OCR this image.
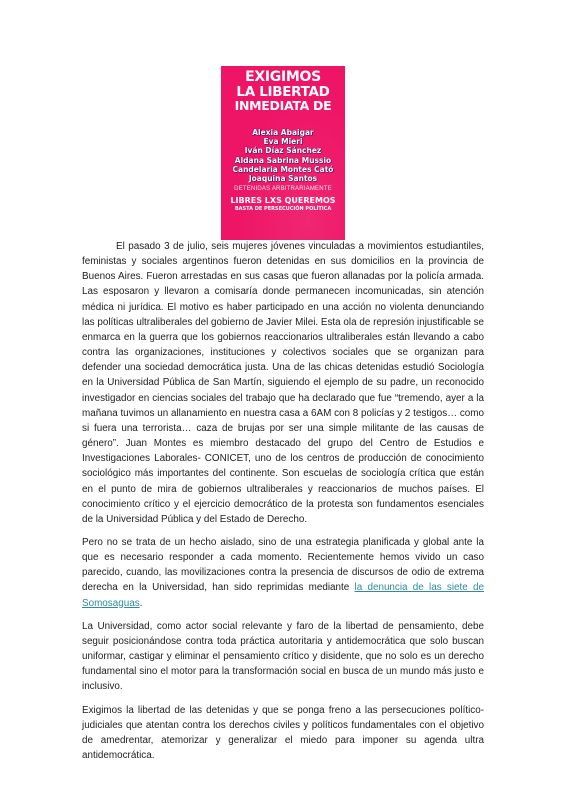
EXIGIMOS
LA LIBERTAD
INMEDIATA DE
Alexia Abaigar
Eva Mieri
Iván Díaz Sánchez
Aldana Sabrina Mussio
Candelaria Montes Cató
Joaquina Santos
DETENIDAS ARBITRARIAMENTE
LIBRES LXS QUEREMOS
BASTA DE PERSECUCIÓN POLÍTICA

El pasado 3 de julio, seis mujeres jóvenes vinculadas a movimientos estudiantiles, feministas y sociales argentinos fueron detenidas en sus domicilios en la provincia de Buenos Aires. Fueron arrestadas en sus casas que fueron allanadas por la policía armada. Las esposaron y llevaron a comisaría donde permanecen incomunicadas, sin atención médica ni jurídica. El motivo es haber participado en una acción no violenta denunciando las políticas ultraliberales del gobierno de Javier Milei. Esta ola de represión injustificable se enmarca en la guerra que los gobiernos reaccionarios ultraliberales están llevando a cabo contra las organizaciones, instituciones y colectivos sociales que se organizan para defender una sociedad democrática justa. Una de las chicas detenidas estudió Sociología en la Universidad Pública de San Martín, siguiendo el ejemplo de su padre, un reconocido investigador en ciencias sociales del trabajo que ha declarado que fue “tremendo, ayer a la mañana tuvimos un allanamiento en nuestra casa a 6AM con 8 policías y 2 testigos… como si fuera una terrorista… caza de brujas por ser una simple militante de las causas de género”. Juan Montes es miembro destacado del grupo del Centro de Estudios e Investigaciones Laborales- CONICET, uno de los centros de producción de conocimiento sociológico más importantes del continente. Son escuelas de sociología crítica que están en el punto de mira de gobiernos ultraliberales y reaccionarios de muchos países. El conocimiento crítico y el ejercicio democrático de la protesta son fundamentos esenciales de la Universidad Pública y del Estado de Derecho.

Pero no se trata de un hecho aislado, sino de una estrategia planificada y global ante la que es necesario responder a cada momento. Recientemente hemos vivido un caso parecido, cuando, las movilizaciones contra la presencia de discursos de odio de extrema derecha en la Universidad, han sido reprimidas mediante la denuncia de las siete de Somosaguas.

La Universidad, como actor social relevante y faro de la libertad de pensamiento, debe seguir posicionándose contra toda práctica autoritaria y antidemocrática que solo buscan uniformar, castigar y eliminar el pensamiento crítico y disidente, que no solo es un derecho fundamental sino el motor para la transformación social en busca de un mundo más justo e inclusivo.

Exigimos la libertad de las detenidas y que se ponga freno a las persecuciones político-judiciales que atentan contra los derechos civiles y políticos fundamentales con el objetivo de amedrentar, atemorizar y generalizar el miedo para imponer su agenda ultra antidemocrática.
